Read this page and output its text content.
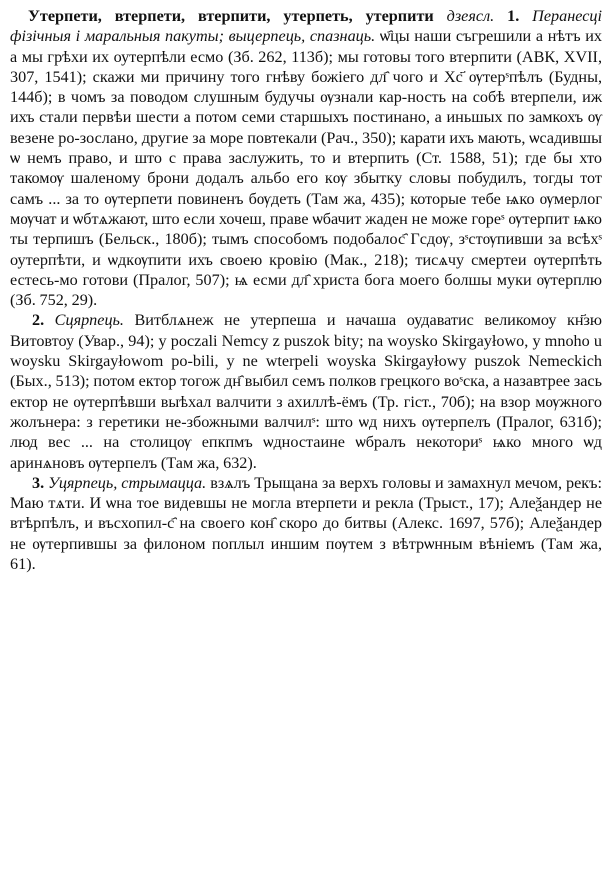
Утерпети, втерпети, втерпити, утерпеть, утерпити дзеясл. 1. Перанесці фізічныя і маральныя пакуты; выцерпець, спазнаць. ѡ҄цы наши съгрешили а нѣтъ их а мы грѣхи их оутерпѣли есмо (Зб. 262, 113б); мы готовы того втерпити (АВК, XVII, 307, 1541); скажи ми причину того гнѣву божіего дл҄ чого и Хс҃ ѹтерˢпѣлъ (Будны, 144б); в чомъ за поводом слушным будучы ѹзнали кар-ность на собѣ втерпели, иж ихъ стали первѣи шести а потом семи старшыхъ постинано, а иньшых по замкохъ ѹ везене ро-зослано, другие за море повтекали (Рач., 350); карати ихъ мають, ѡсадившы ѡ немъ право, и што с права заслужить, то и втерпить (Ст. 1588, 51); где бы хто такомѹ шаленому брони додалъ альбо его кѹ збытку словы побудилъ, тогды тот самъ ... за то ѹтерпети повиненъ бѹдеть (Там жа, 435); которые тебе ѩко ѹмерлог мѹчат и ѡбтѧжают, што если хочеш, праве ѡбачит жаден не може гореˢ ѹтерпит ѩко ты терпишъ (Бельск., 180б); тымъ способомъ подобалос҄ Гсдѹ, зˢстѹпивши за всѣхˢ оутерпѣти, и ѡдкѹпити ихъ своею кровію (Мак., 218); тисѧчу смертеи ѹтерпѣть естесь-мо готови (Пралог, 507); ѩ есми дл҄ христа бога моего болшы муки ѹтерплю (Зб. 752, 29).

2. Сцярпець. Витблѧнеж не утерпеша и начаша оудаватис великомоу кн҃зю Витовтоу (Увар., 94); y poczali Nemcy z puszok bity; na woysko Skirgayłowo, y mnoho u woysku Skirgayłowom po-bili, y ne wterpeli woyska Skirgayłowy puszok Nemeckich (Бых., 513); потом ектор тогож дн҄ выбил семъ полков грецкого воˢска, а назавтрее зась ектор не ѹтерпѣвши выѣхал валчити з ахиллѣ-ёмъ (Тр. гіст., 70б); на взор мѹжного жолънера: з геретики не-збожными валчилˢ: што ѡд нихъ ѹтерпелъ (Пралог, 631б); люд вес ... на столицѹ епкпмъ ѡдностаине ѡбралъ некоториˢ ѩко много ѡд аринѧновъ ѹтерпелъ (Там жа, 632).

3. Уцярпець, стрымацца. взѧлъ Трыщана за верхъ головы и замахнул мечом, рекъ: Маю тѧти. И ѡна тое видевшы не могла втерпети и рекла (Трыст., 17); Алеѯандер не втѣрпѣлъ, и въсхопил-с҄ на своего кон҄ скоро до битвы (Алекс. 1697, 57б); Алеѯандер не ѹтерпившы за филоном поплыл иншим пѹтем з вѣтрѡнным вѣніемъ (Там жа, 61).
